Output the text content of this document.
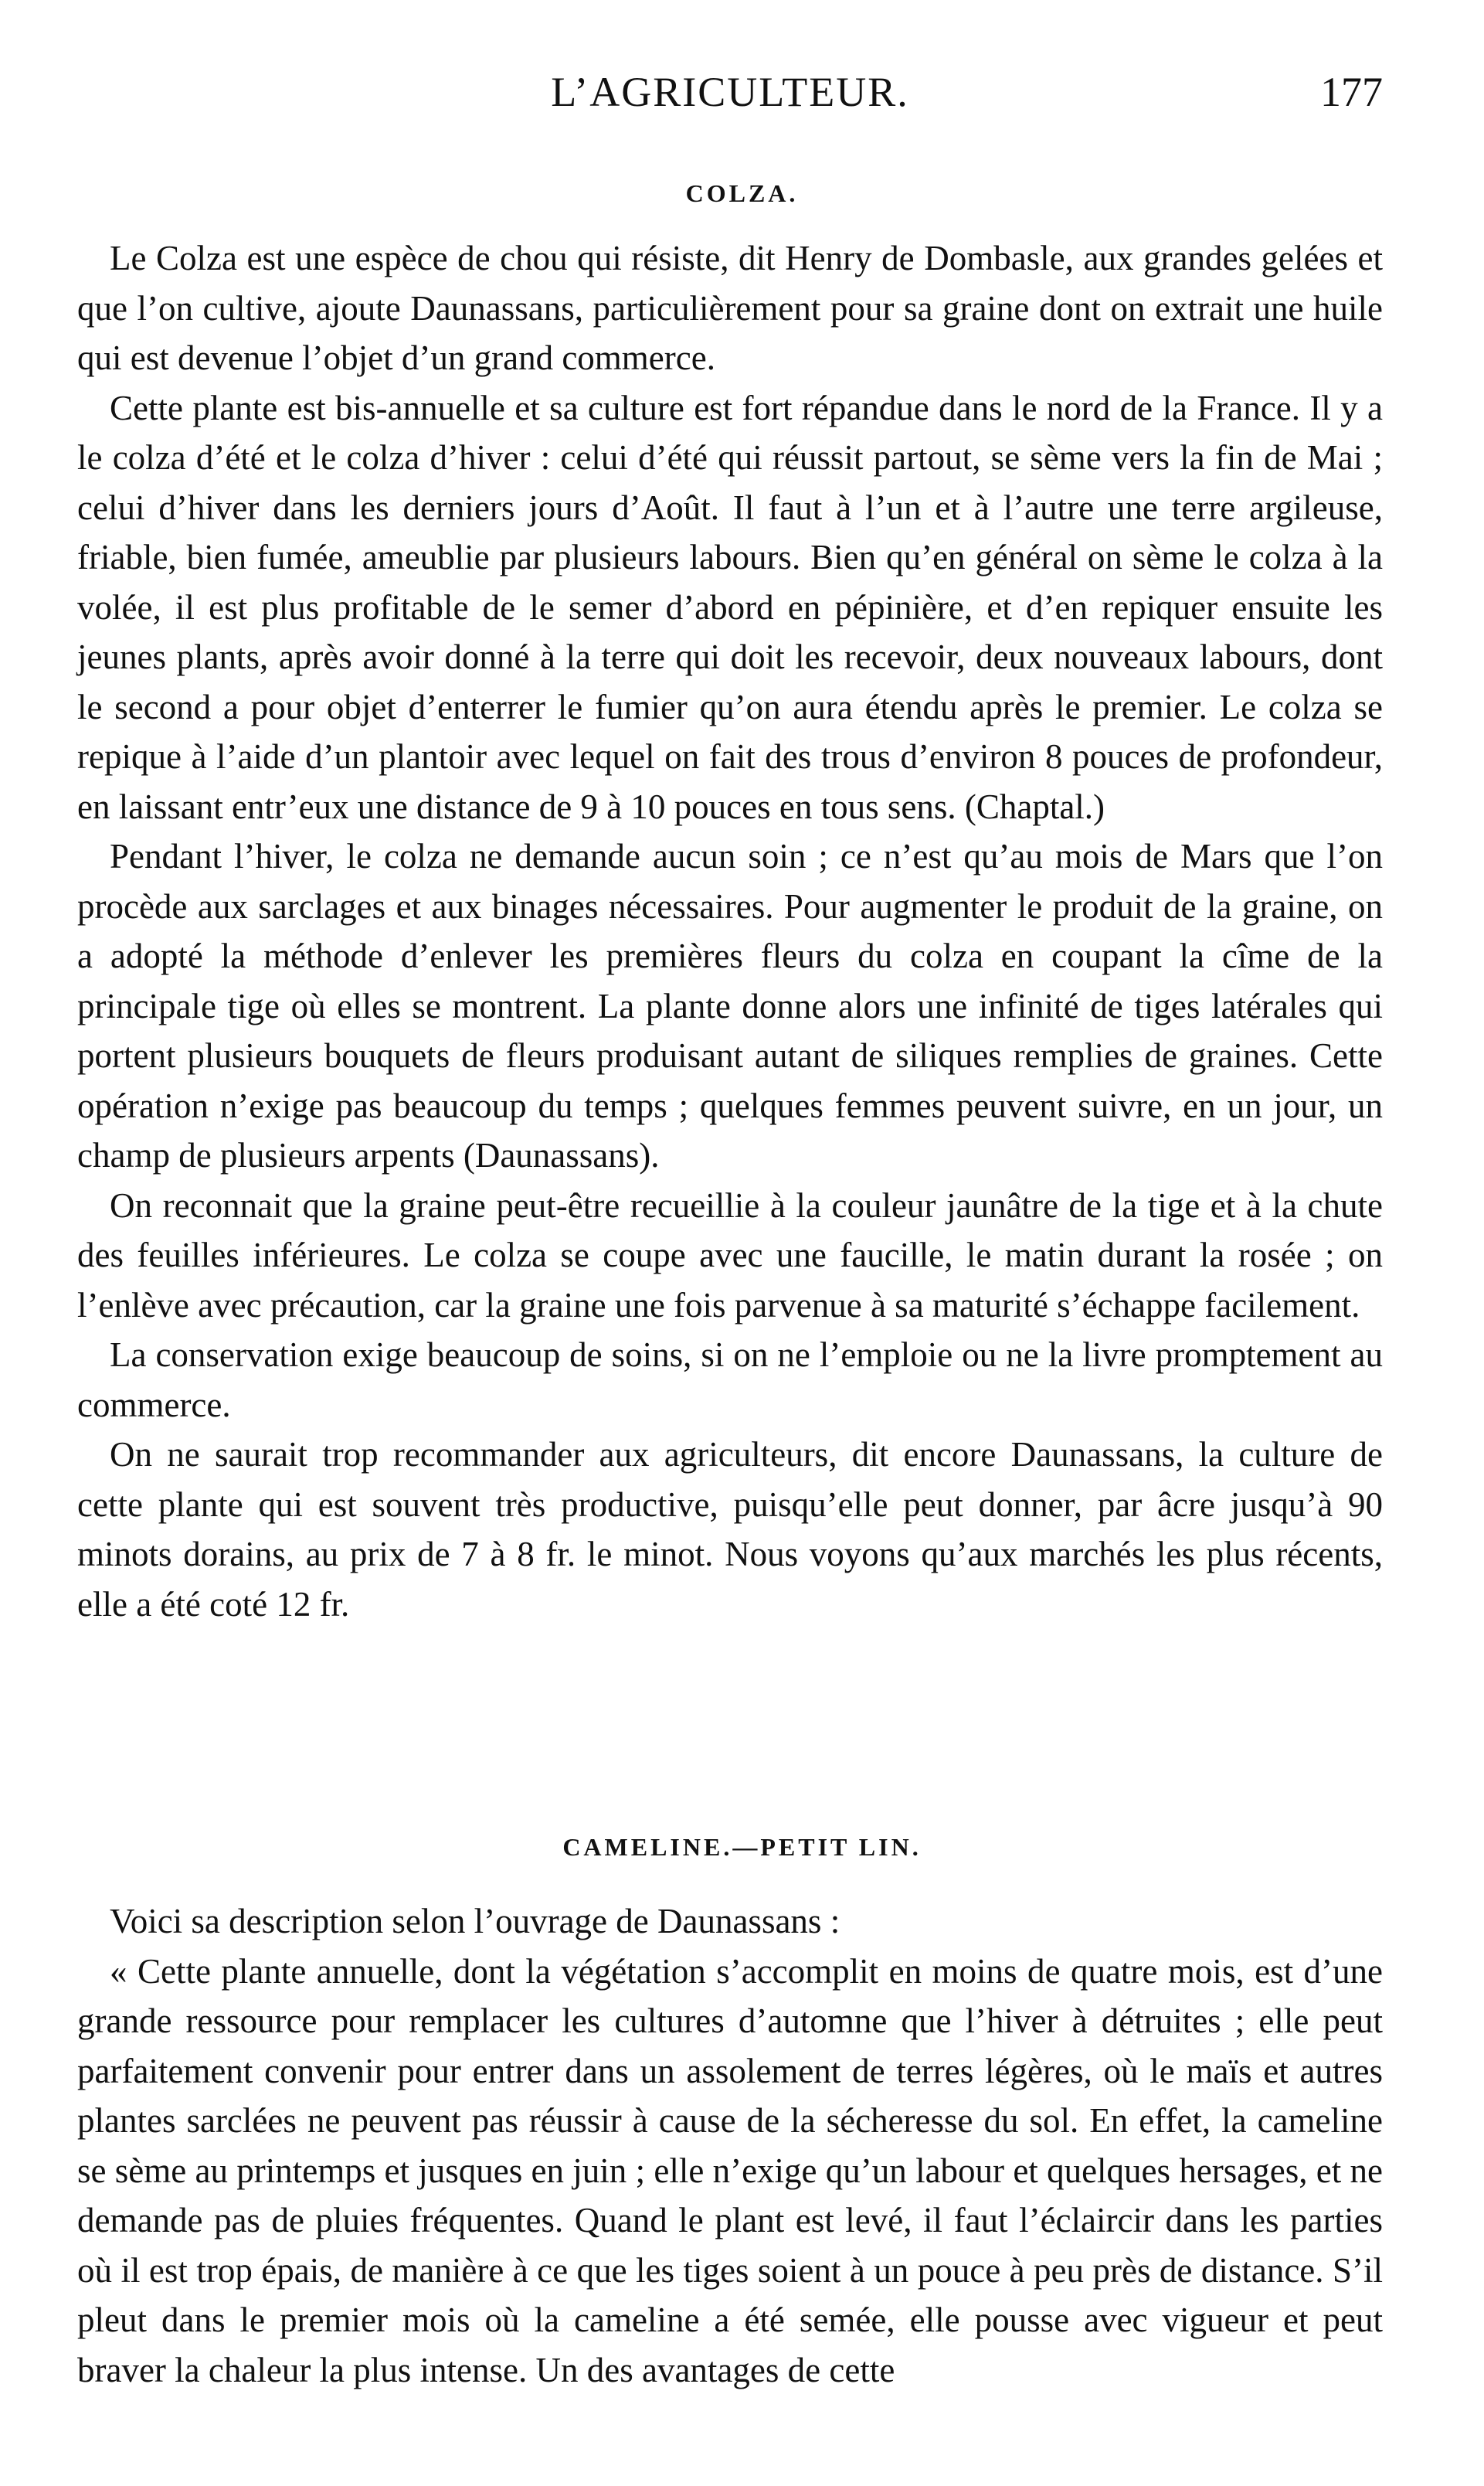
L’AGRICULTEUR.	177
COLZA.

Le Colza est une espèce de chou qui résiste, dit Henry de Dombasle, aux grandes gelées et que l’on cultive, ajoute Daunassans, particulièrement pour sa graine dont on extrait une huile qui est devenue l’objet d’un grand commerce.

Cette plante est bis-annuelle et sa culture est fort répandue dans le nord de la France. Il y a le colza d’été et le colza d’hiver : celui d’été qui réussit partout, se sème vers la fin de Mai ; celui d’hiver dans les derniers jours d’Août. Il faut à l’un et à l’autre une terre argileuse, friable, bien fumée, ameublie par plusieurs labours. Bien qu’en général on sème le colza à la volée, il est plus profitable de le semer d’abord en pépinière, et d’en repiquer ensuite les jeunes plants, après avoir donné à la terre qui doit les recevoir, deux nouveaux labours, dont le second a pour objet d’enterrer le fumier qu’on aura étendu après le premier. Le colza se repique à l’aide d’un plantoir avec lequel on fait des trous d’environ 8 pouces de profondeur, en laissant entr’eux une distance de 9 à 10 pouces en tous sens. (Chaptal.)

Pendant l’hiver, le colza ne demande aucun soin ; ce n’est qu’au mois de Mars que l’on procède aux sarclages et aux binages nécessaires. Pour augmenter le produit de la graine, on a adopté la méthode d’enlever les premières fleurs du colza en coupant la cîme de la principale tige où elles se montrent. La plante donne alors une infinité de tiges latérales qui portent plusieurs bouquets de fleurs produisant autant de siliques remplies de graines. Cette opération n’exige pas beaucoup du temps ; quelques femmes peuvent suivre, en un jour, un champ de plusieurs arpents (Daunassans).

On reconnait que la graine peut-être recueillie à la couleur jaunâtre de la tige et à la chute des feuilles inférieures. Le colza se coupe avec une faucille, le matin durant la rosée ; on l’enlève avec précaution, car la graine une fois parvenue à sa maturité s’échappe facilement.

La conservation exige beaucoup de soins, si on ne l’emploie ou ne la livre promptement au commerce.

On ne saurait trop recommander aux agriculteurs, dit encore Daunassans, la culture de cette plante qui est souvent très productive, puisqu’elle peut donner, par âcre jusqu’à 90 minots dorains, au prix de 7 à 8 fr. le minot. Nous voyons qu’aux marchés les plus récents, elle a été coté 12 fr.

CAMELINE.—PETIT LIN.

Voici sa description selon l’ouvrage de Daunassans :

« Cette plante annuelle, dont la végétation s’accomplit en moins de quatre mois, est d’une grande ressource pour remplacer les cultures d’automne que l’hiver à détruites ; elle peut parfaitement convenir pour entrer dans un assolement de terres légères, où le maïs et autres plantes sarclées ne peuvent pas réussir à cause de la sécheresse du sol. En effet, la cameline se sème au printemps et jusques en juin ; elle n’exige qu’un labour et quelques hersages, et ne demande pas de pluies fréquentes. Quand le plant est levé, il faut l’éclaircir dans les parties où il est trop épais, de manière à ce que les tiges soient à un pouce à peu près de distance. S’il pleut dans le premier mois où la cameline a été semée, elle pousse avec vigueur et peut braver la chaleur la plus intense. Un des avantages de cette
